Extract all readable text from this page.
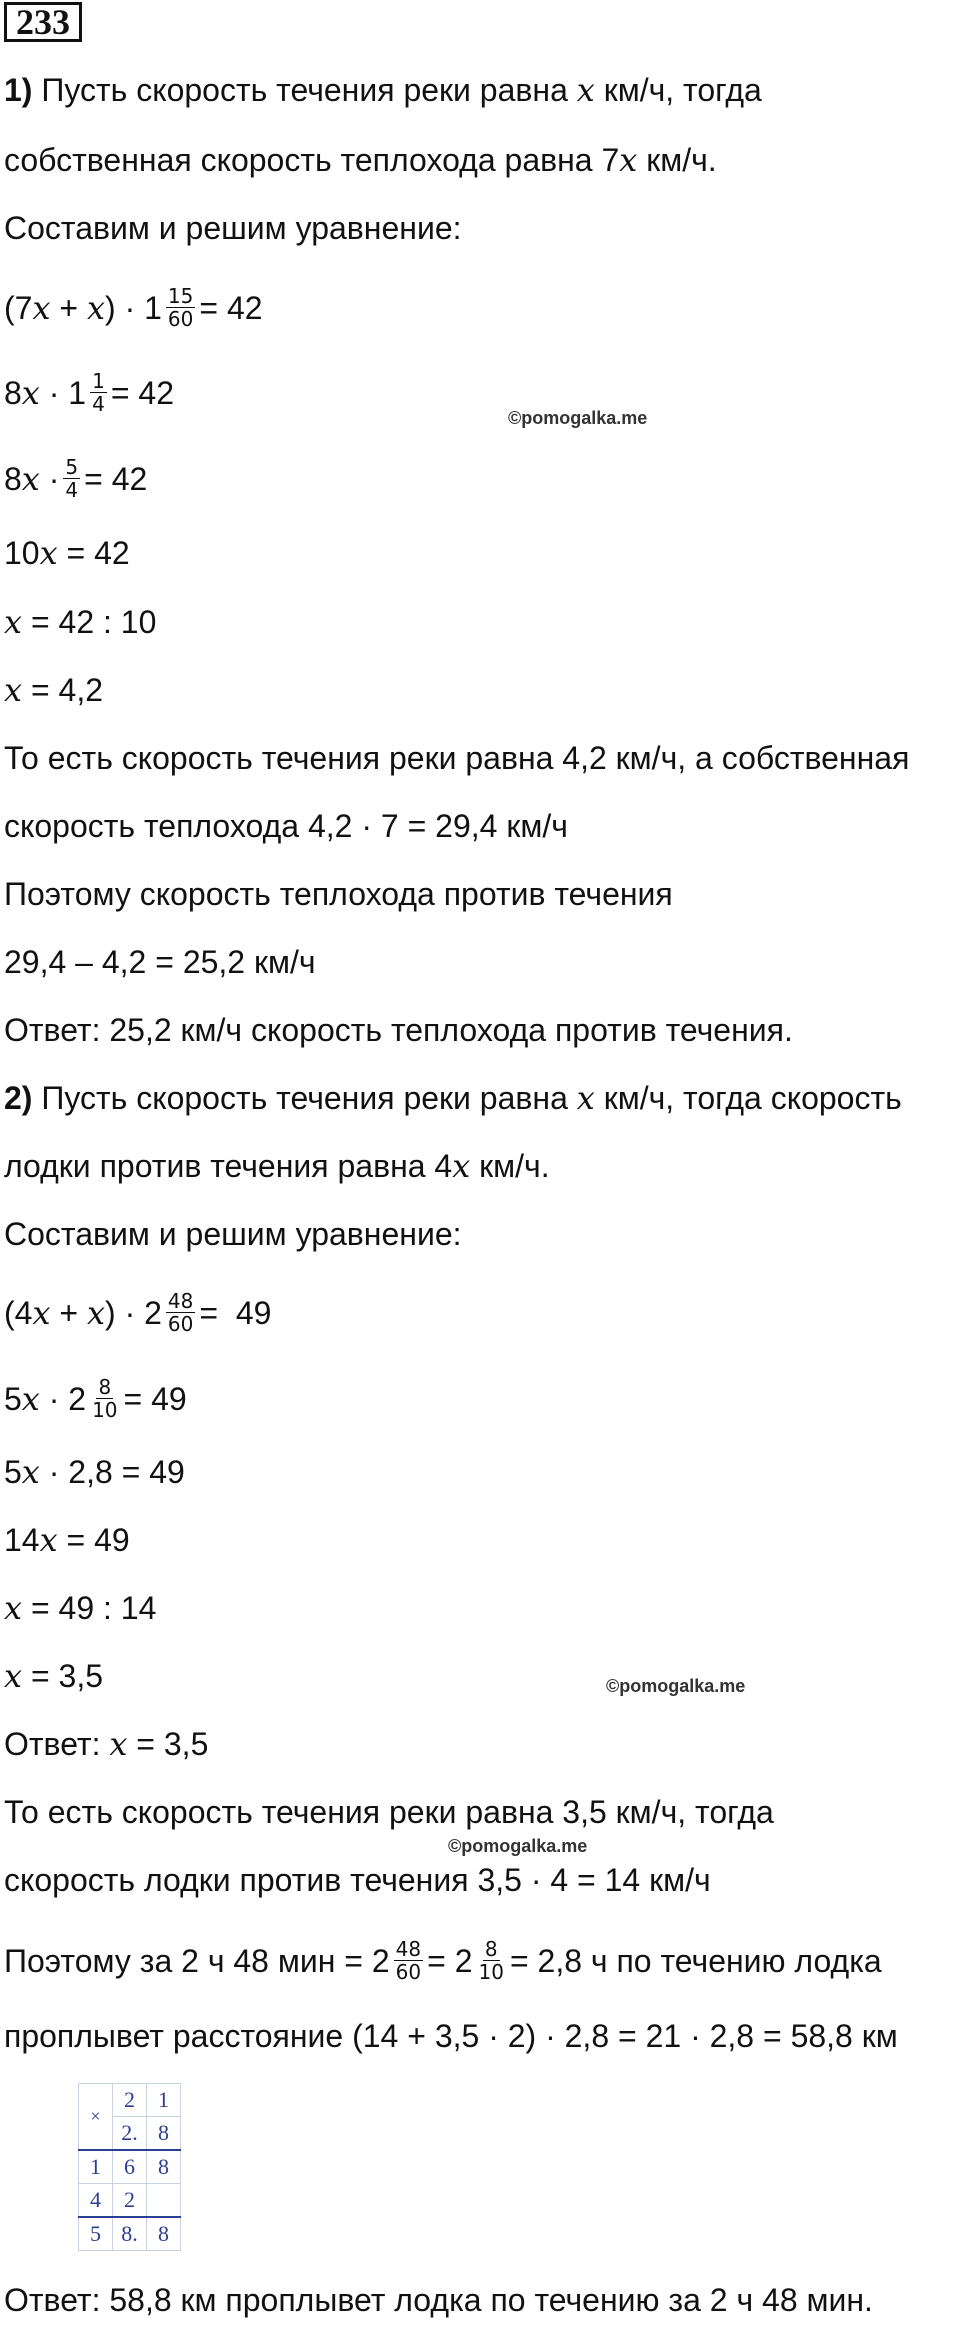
233
1) Пусть скорость течения реки равна x км/ч, тогда
собственная скорость теплохода равна 7 x км/ч.
Составим и решим уравнение:
(7 x + x ) · $1 \frac{15}{60} = 42$
8 $x \cdot 1 \frac{1}{4} = 42$
©pomogalka.me
8 $x \cdot \frac{5}{4} = 42$
10 x = 42
x = 42 : 10
x = 4,2
То есть скорость течения реки равна 4,2 км/ч, а собственная
скорость теплохода 4,2 · 7 = 29,4 км/ч
Поэтому скорость теплохода против течения
29,4 – 4,2 = 25,2 км/ч
Ответ: 25,2 км/ч скорость теплохода против течения.
2) Пусть скорость течения реки равна x км/ч, тогда скорость
лодки против течения равна 4 x км/ч.
Составим и решим уравнение:
(4 x + x ) · $2 \frac{48}{60} = 49$
5 $x \cdot 2 \frac{8}{10} = 49$
5 x · 2,8 = 49
14 x = 49
x = 49 : 14
x = 3,5	©pomogalka.me
Ответ: x = 3,5
То есть скорость течения реки равна 3,5 км/ч, тогда
©pomogalka.me
скорость лодки против течения 3,5 · 4 = 14 км/ч
Поэтому за 2 ч 48 мин = $2 \frac{48}{60} = 2 \frac{8}{10} = 2,8$ ч по течению лодка
проплывет расстояние (14 + 3,5 · 2) · 2,8 = 21 · 2,8 = 58,8 км
×	2	1
	2.	8
1	6	8
4	2	
5	8.	8
Ответ: 58,8 км проплывет лодка по течению за 2 ч 48 мин.
